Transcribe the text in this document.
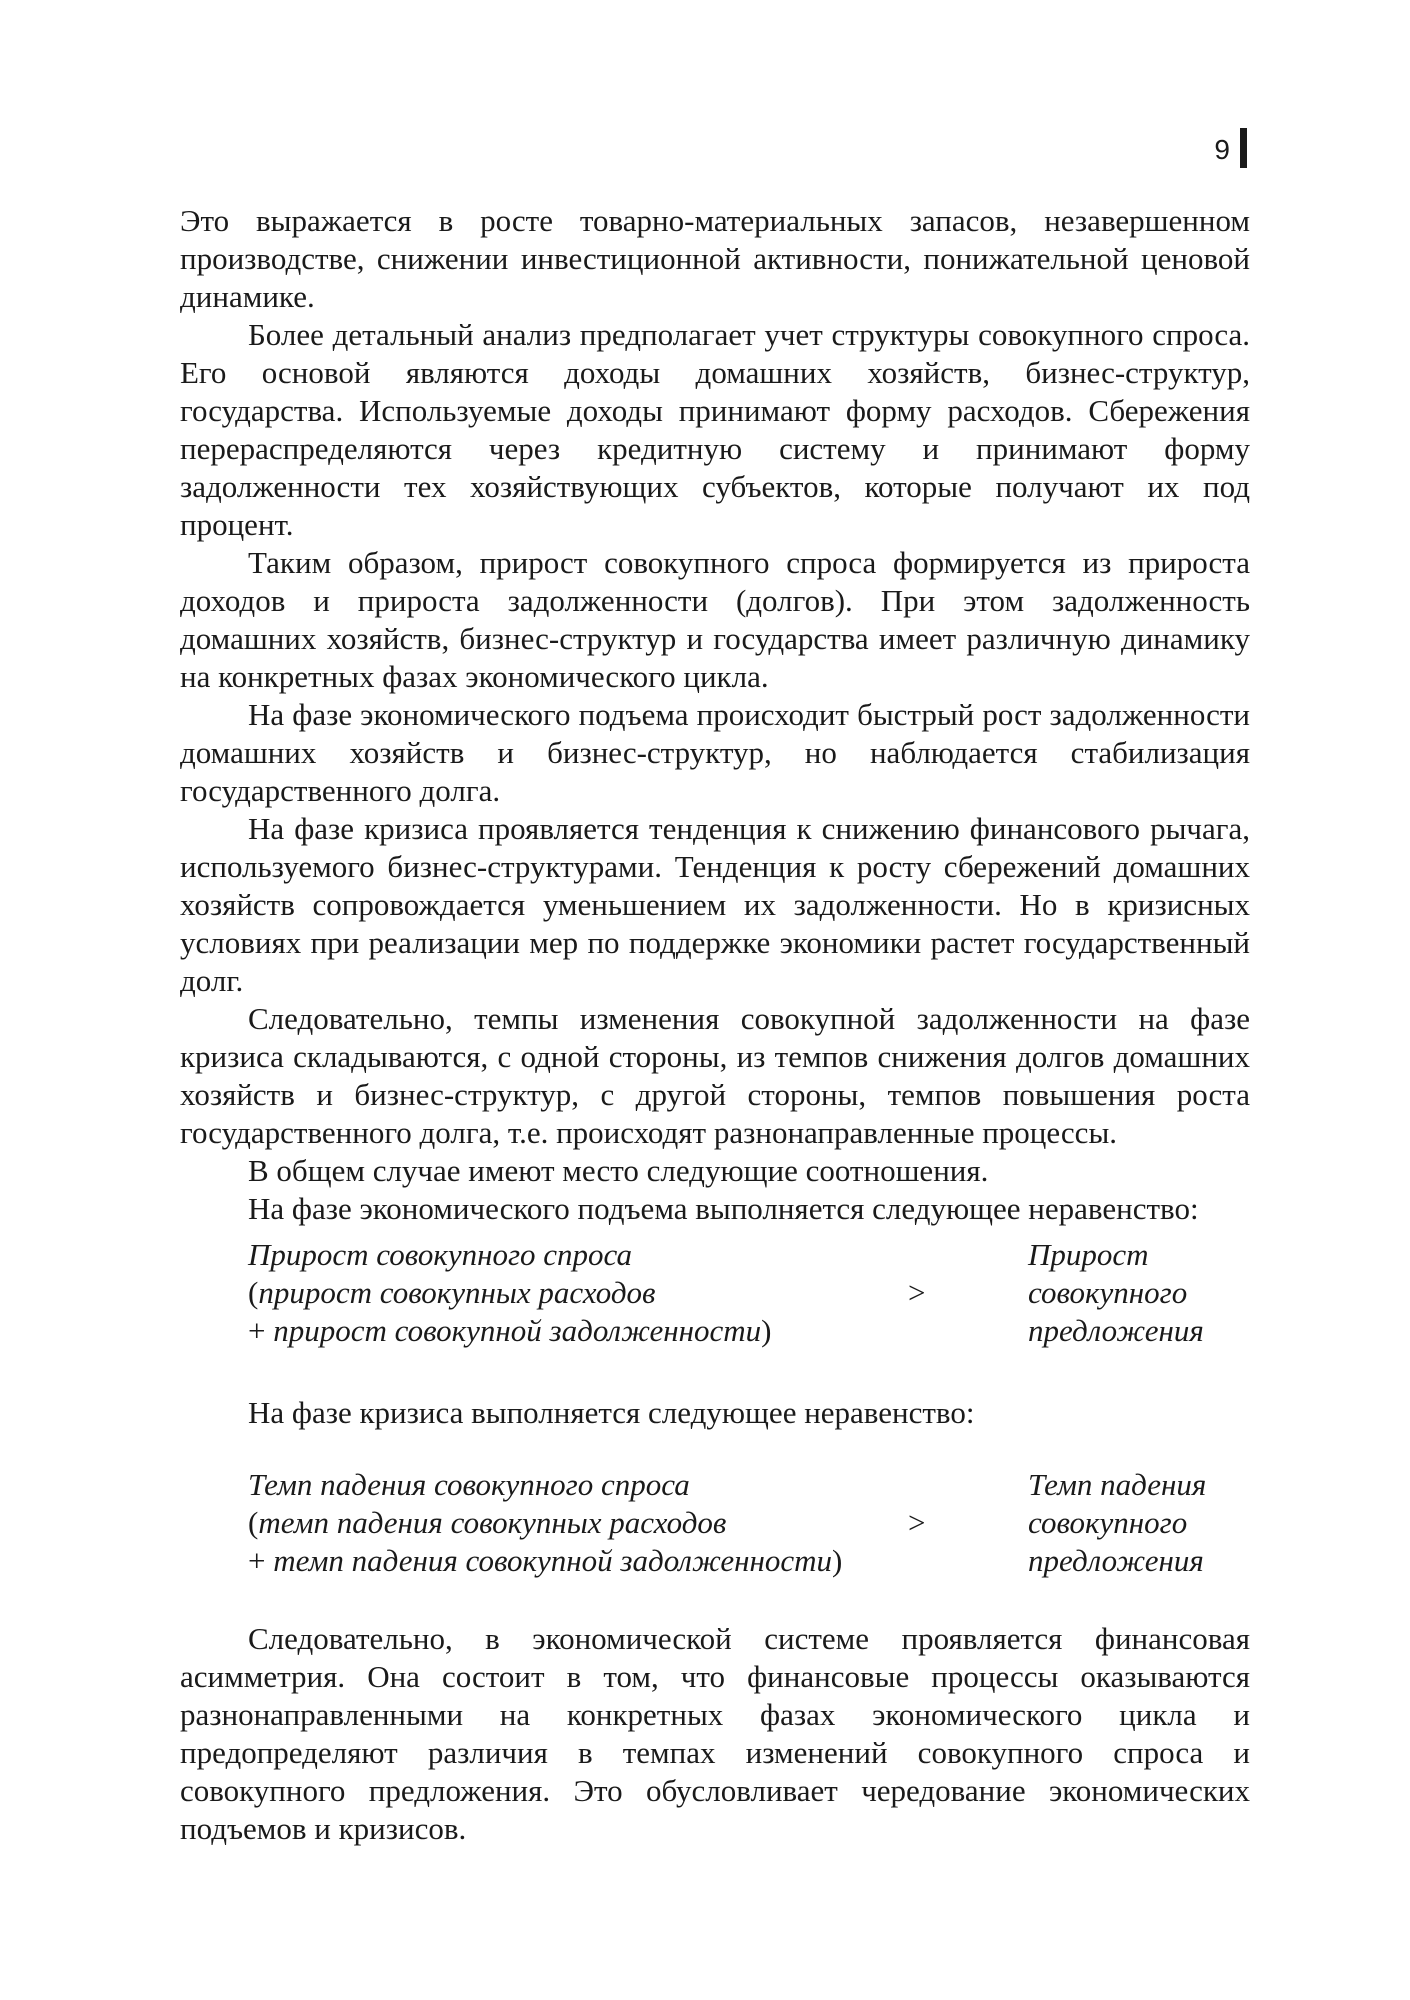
9

Это выражается в росте товарно-материальных запасов, незавершенном производстве, снижении инвестиционной активности, понижательной ценовой динамике.

Более детальный анализ предполагает учет структуры совокупного спроса. Его основой являются доходы домашних хозяйств, бизнес-структур, государства. Используемые доходы принимают форму расходов. Сбережения перераспределяются через кредитную систему и принимают форму задолженности тех хозяйствующих субъектов, которые получают их под процент.

Таким образом, прирост совокупного спроса формируется из прироста доходов и прироста задолженности (долгов). При этом задолженность домашних хозяйств, бизнес-структур и государства имеет различную динамику на конкретных фазах экономического цикла.

На фазе экономического подъема происходит быстрый рост задолженности домашних хозяйств и бизнес-структур, но наблюдается стабилизация государственного долга.

На фазе кризиса проявляется тенденция к снижению финансового рычага, используемого бизнес-структурами. Тенденция к росту сбережений домашних хозяйств сопровождается уменьшением их задолженности. Но в кризисных условиях при реализации мер по поддержке экономики растет государственный долг.

Следовательно, темпы изменения совокупной задолженности на фазе кризиса складываются, с одной стороны, из темпов снижения долгов домашних хозяйств и бизнес-структур, с другой стороны, темпов повышения роста государственного долга, т.е. происходят разнонаправленные процессы.

В общем случае имеют место следующие соотношения.

На фазе экономического подъема выполняется следующее неравенство:

Прирост совокупного спроса
(прирост совокупных расходов
+ прирост совокупной задолженности)
>
Прирост
совокупного
предложения
На фазе кризиса выполняется следующее неравенство:
Темп падения совокупного спроса
(темп падения совокупных расходов
+ темп падения совокупной задолженности)
>
Темп падения
совокупного
предложения

Следовательно, в экономической системе проявляется финансовая асимметрия. Она состоит в том, что финансовые процессы оказываются разнонаправленными на конкретных фазах экономического цикла и предопределяют различия в темпах изменений совокупного спроса и совокупного предложения. Это обусловливает чередование экономических подъемов и кризисов.
